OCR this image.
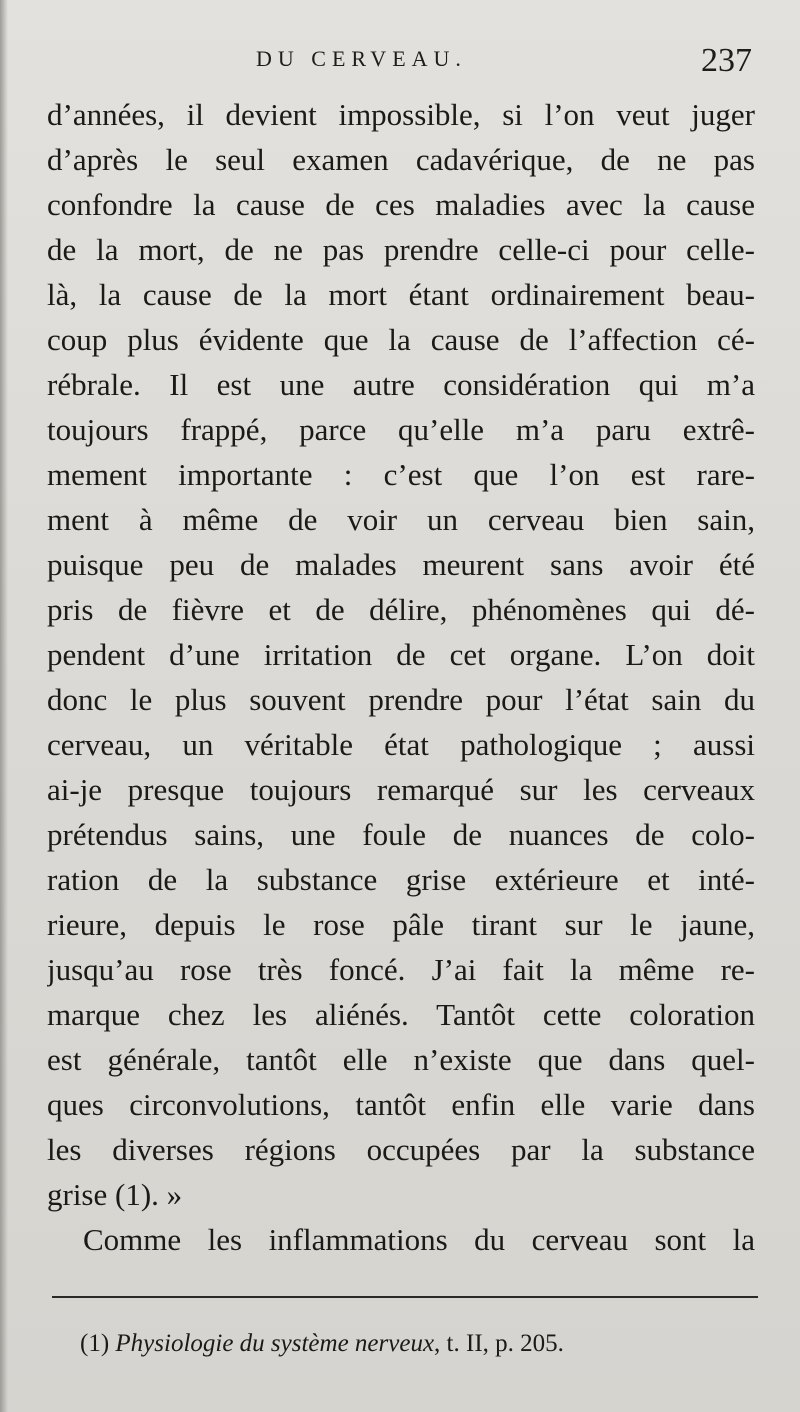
DU CERVEAU.	237
d’années, il devient impossible, si l’on veut juger
d’après le seul examen cadavérique, de ne pas
confondre la cause de ces maladies avec la cause
de la mort, de ne pas prendre celle-ci pour celle-
là, la cause de la mort étant ordinairement beau-
coup plus évidente que la cause de l’affection cé-
rébrale. Il est une autre considération qui m’a
toujours frappé, parce qu’elle m’a paru extrê-
mement importante : c’est que l’on est rare-
ment à même de voir un cerveau bien sain,
puisque peu de malades meurent sans avoir été
pris de fièvre et de délire, phénomènes qui dé-
pendent d’une irritation de cet organe. L’on doit
donc le plus souvent prendre pour l’état sain du
cerveau, un véritable état pathologique ; aussi
ai-je presque toujours remarqué sur les cerveaux
prétendus sains, une foule de nuances de colo-
ration de la substance grise extérieure et inté-
rieure, depuis le rose pâle tirant sur le jaune,
jusqu’au rose très foncé. J’ai fait la même re-
marque chez les aliénés. Tantôt cette coloration
est générale, tantôt elle n’existe que dans quel-
ques circonvolutions, tantôt enfin elle varie dans
les diverses régions occupées par la substance
grise (1). »
Comme les inflammations du cerveau sont la
(1) Physiologie du système nerveux, t. II, p. 205.
